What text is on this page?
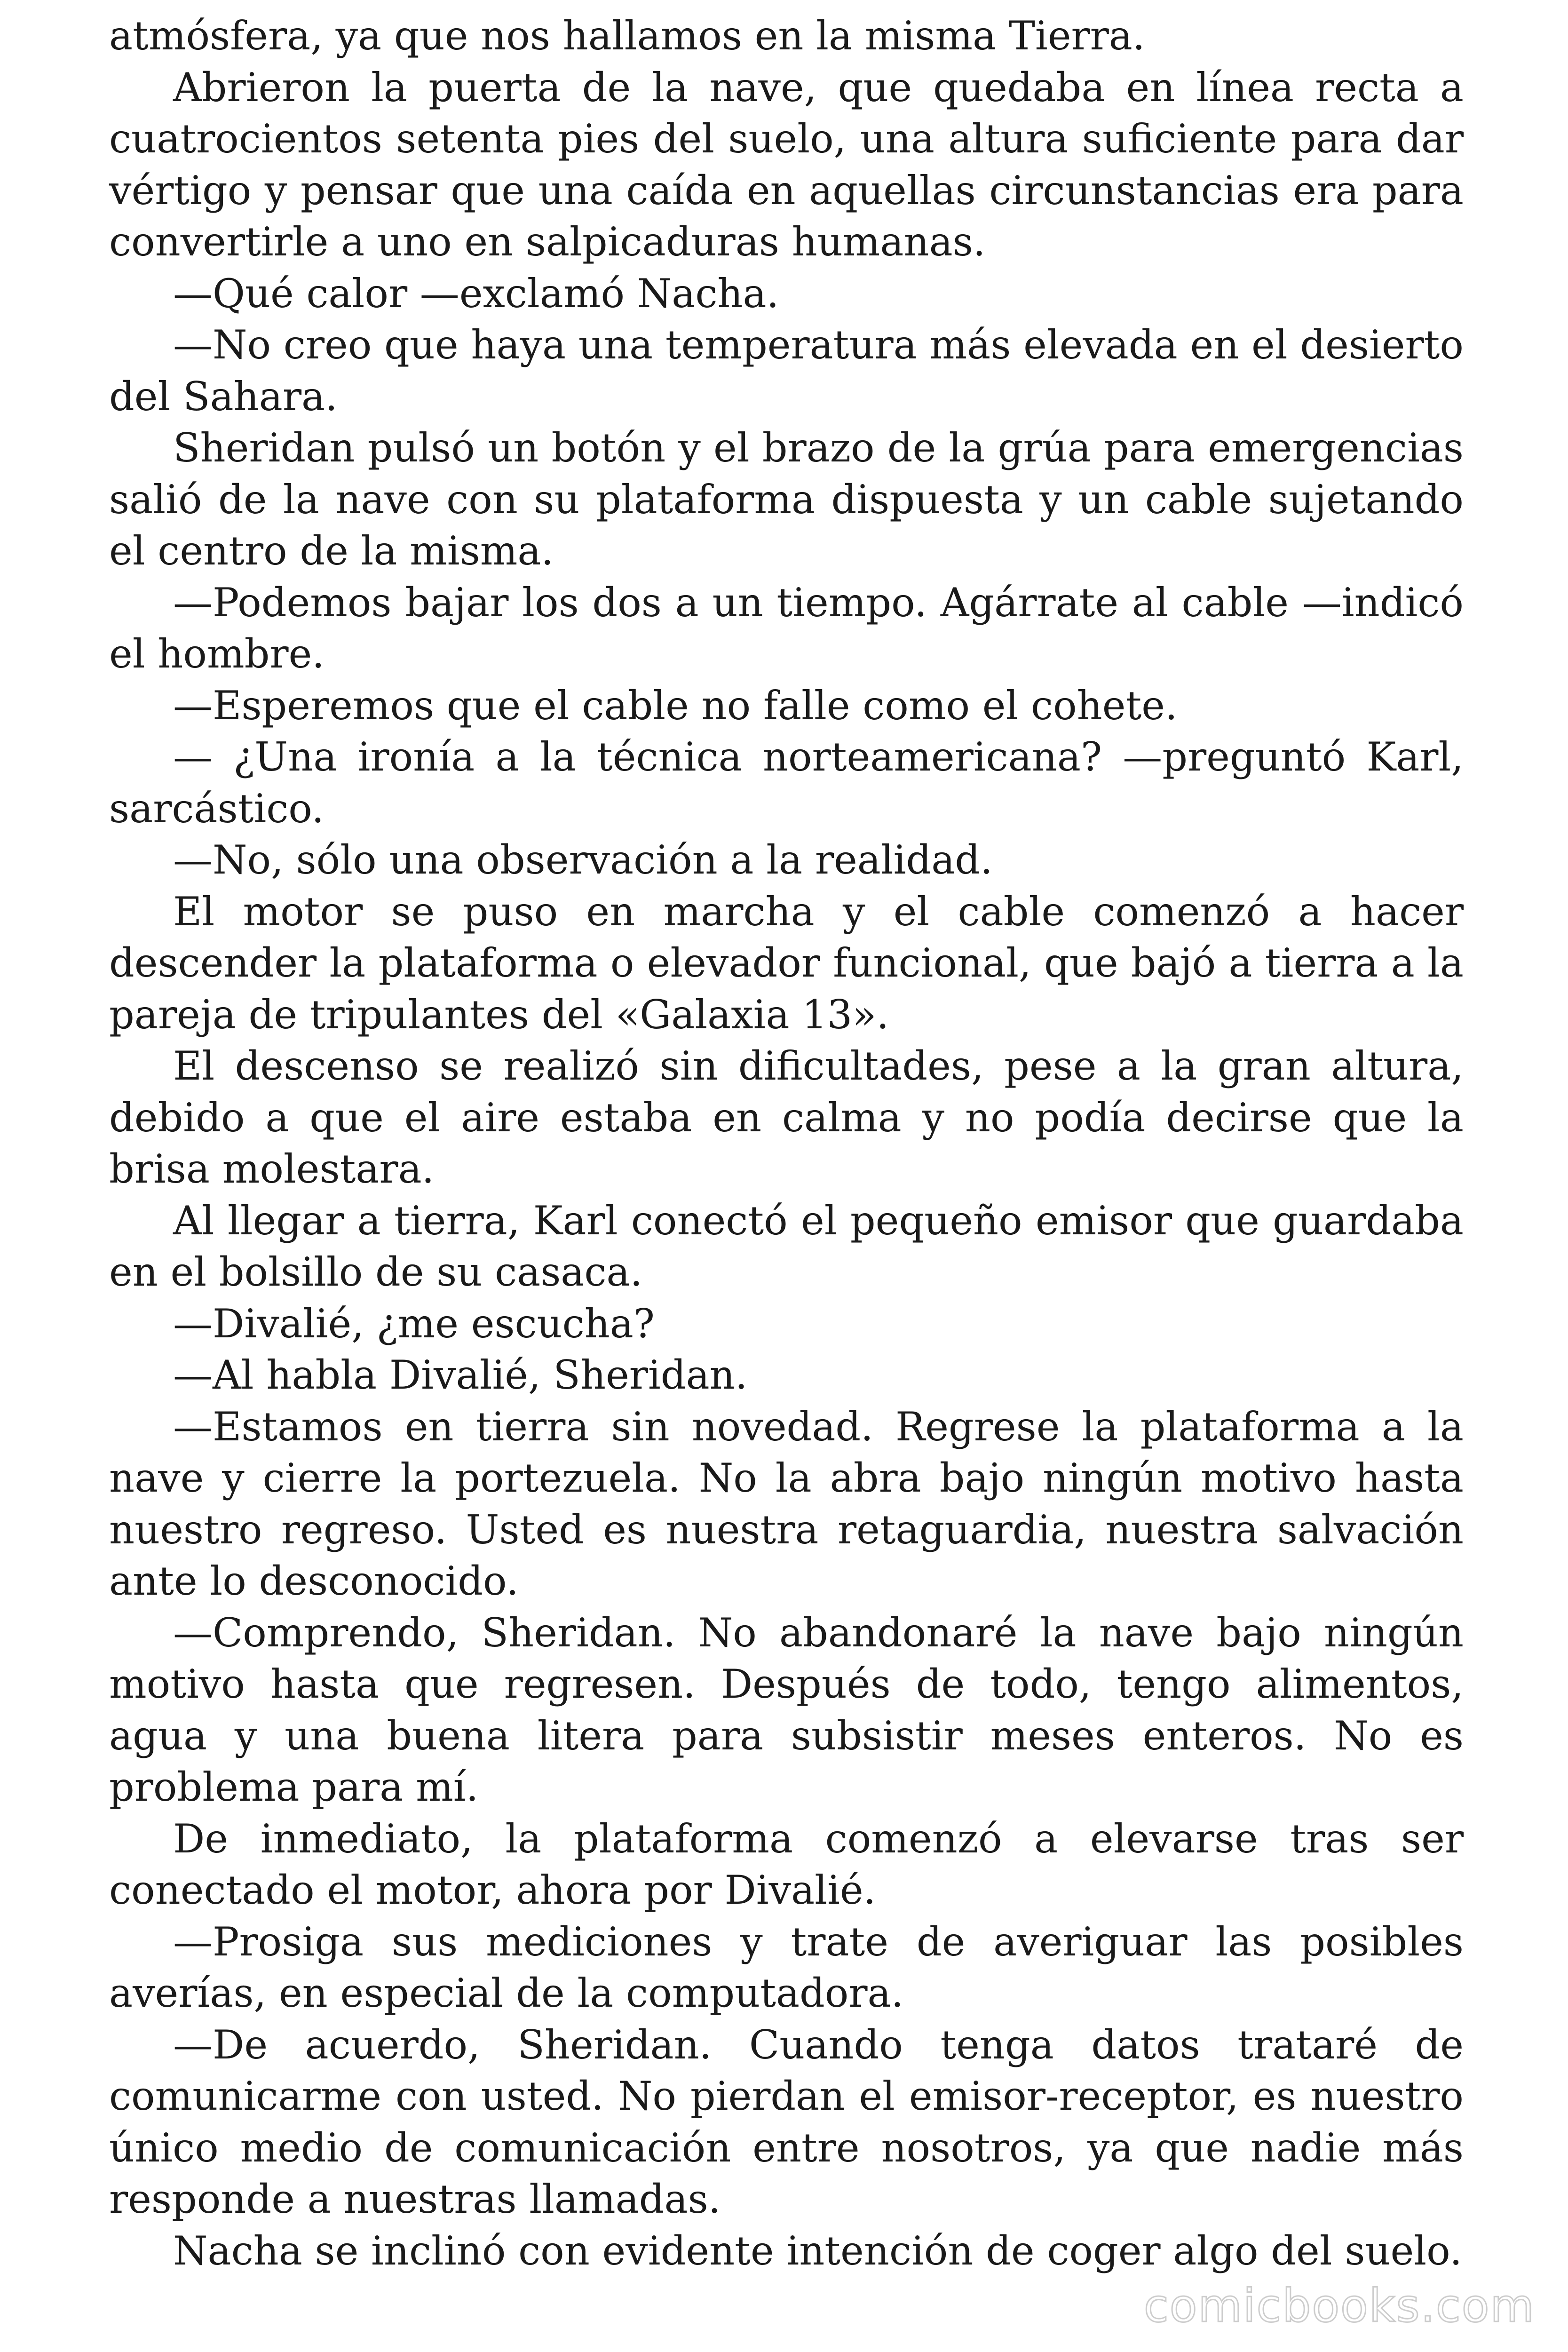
atmósfera, ya que nos hallamos en la misma Tierra.

Abrieron la puerta de la nave, que quedaba en línea recta a cuatrocientos setenta pies del suelo, una altura suficiente para dar vértigo y pensar que una caída en aquellas circunstancias era para convertirle a uno en salpicaduras humanas.

—Qué calor —exclamó Nacha.

—No creo que haya una temperatura más elevada en el desierto del Sahara.

Sheridan pulsó un botón y el brazo de la grúa para emergencias salió de la nave con su plataforma dispuesta y un cable sujetando el centro de la misma.

—Podemos bajar los dos a un tiempo. Agárrate al cable —indicó el hombre.

—Esperemos que el cable no falle como el cohete.

— ¿Una ironía a la técnica norteamericana? —preguntó Karl, sarcástico.

—No, sólo una observación a la realidad.

El motor se puso en marcha y el cable comenzó a hacer descender la plataforma o elevador funcional, que bajó a tierra a la pareja de tripulantes del «Galaxia 13».

El descenso se realizó sin dificultades, pese a la gran altura, debido a que el aire estaba en calma y no podía decirse que la brisa molestara.

Al llegar a tierra, Karl conectó el pequeño emisor que guardaba en el bolsillo de su casaca.

—Divalié, ¿me escucha?

—Al habla Divalié, Sheridan.

—Estamos en tierra sin novedad. Regrese la plataforma a la nave y cierre la portezuela. No la abra bajo ningún motivo hasta nuestro regreso. Usted es nuestra retaguardia, nuestra salvación ante lo desconocido.

—Comprendo, Sheridan. No abandonaré la nave bajo ningún motivo hasta que regresen. Después de todo, tengo alimentos, agua y una buena litera para subsistir meses enteros. No es problema para mí.

De inmediato, la plataforma comenzó a elevarse tras ser conectado el motor, ahora por Divalié.

—Prosiga sus mediciones y trate de averiguar las posibles averías, en especial de la computadora.

—De acuerdo, Sheridan. Cuando tenga datos trataré de comunicarme con usted. No pierdan el emisor-receptor, es nuestro único medio de comunicación entre nosotros, ya que nadie más responde a nuestras llamadas.

Nacha se inclinó con evidente intención de coger algo del suelo.

comicbooks.com
